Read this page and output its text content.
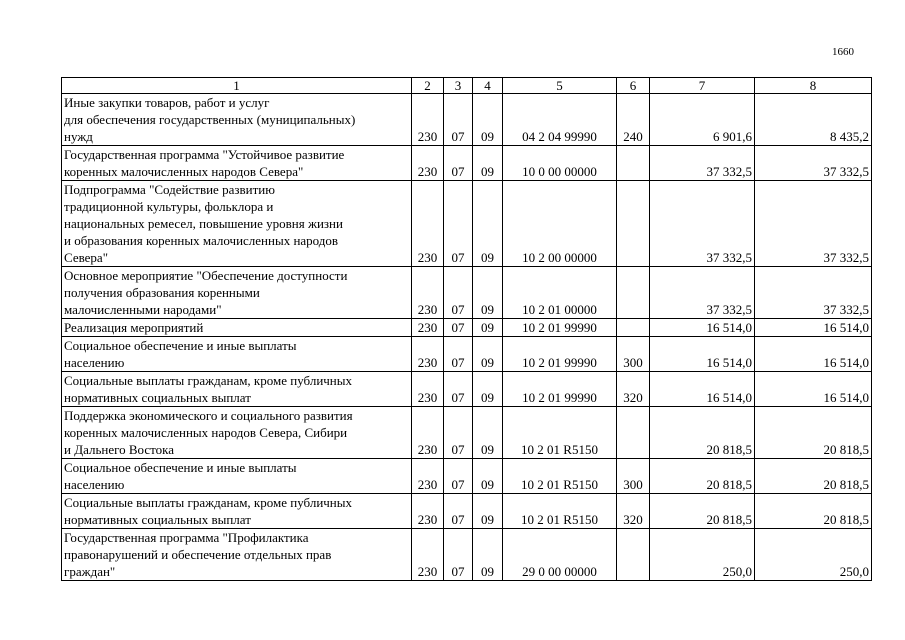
1660
1	2	3	4	5	6	7	8
Иные закупки товаров, работ и услуг
для обеспечения государственных (муниципальных)
нужд	230	07	09	04 2 04 99990	240	6 901,6	8 435,2
Государственная программа "Устойчивое развитие
коренных малочисленных народов Севера"	230	07	09	10 0 00 00000		37 332,5	37 332,5
Подпрограмма "Содействие развитию
традиционной культуры, фольклора и
национальных ремесел, повышение уровня жизни
и образования коренных малочисленных народов
Севера"	230	07	09	10 2 00 00000		37 332,5	37 332,5
Основное мероприятие "Обеспечение доступности
получения образования коренными
малочисленными народами"	230	07	09	10 2 01 00000		37 332,5	37 332,5
Реализация мероприятий	230	07	09	10 2 01 99990		16 514,0	16 514,0
Социальное обеспечение и иные выплаты
населению	230	07	09	10 2 01 99990	300	16 514,0	16 514,0
Социальные выплаты гражданам, кроме публичных
нормативных социальных выплат	230	07	09	10 2 01 99990	320	16 514,0	16 514,0
Поддержка экономического и социального развития
коренных малочисленных народов Севера, Сибири
и Дальнего Востока	230	07	09	10 2 01 R5150		20 818,5	20 818,5
Социальное обеспечение и иные выплаты
населению	230	07	09	10 2 01 R5150	300	20 818,5	20 818,5
Социальные выплаты гражданам, кроме публичных
нормативных социальных выплат	230	07	09	10 2 01 R5150	320	20 818,5	20 818,5
Государственная программа "Профилактика
правонарушений и обеспечение отдельных прав
граждан"	230	07	09	29 0 00 00000		250,0	250,0
